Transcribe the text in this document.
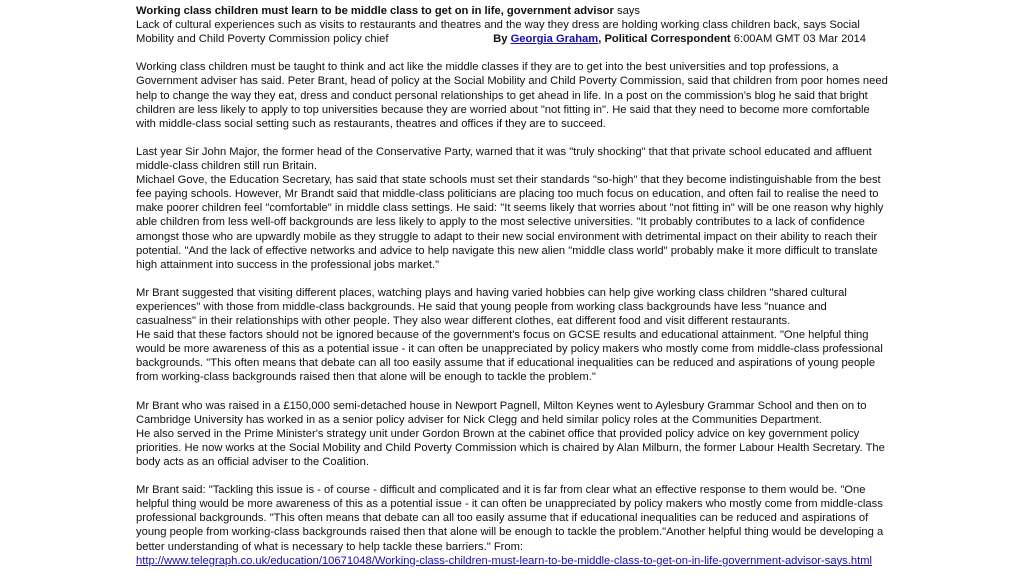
Working class children must learn to be middle class to get on in life, government advisor says

Lack of cultural experiences such as visits to restaurants and theatres and the way they dress are holding working class children back, says Social Mobility and Child Poverty Commission policy chief	By Georgia Graham, Political Correspondent 6:00AM GMT 03 Mar 2014

Working class children must be taught to think and act like the middle classes if they are to get into the best universities and top professions, a Government adviser has said. Peter Brant, head of policy at the Social Mobility and Child Poverty Commission, said that children from poor homes need help to change the way they eat, dress and conduct personal relationships to get ahead in life. In a post on the commission’s blog he said that bright children are less likely to apply to top universities because they are worried about "not fitting in". He said that they need to become more comfortable with middle-class social setting such as restaurants, theatres and offices if they are to succeed.

Last year Sir John Major, the former head of the Conservative Party, warned that it was "truly shocking" that that private school educated and affluent middle-class children still run Britain.

Michael Gove, the Education Secretary, has said that state schools must set their standards "so-high" that they become indistinguishable from the best fee paying schools. However, Mr Brandt said that middle-class politicians are placing too much focus on education, and often fail to realise the need to make poorer children feel "comfortable" in middle class settings. He said: "It seems likely that worries about "not fitting in" will be one reason why highly able children from less well-off backgrounds are less likely to apply to the most selective universities. "It probably contributes to a lack of confidence amongst those who are upwardly mobile as they struggle to adapt to their new social environment with detrimental impact on their ability to reach their potential. "And the lack of effective networks and advice to help navigate this new alien "middle class world" probably make it more difficult to translate high attainment into success in the professional jobs market."

Mr Brant suggested that visiting different places, watching plays and having varied hobbies can help give working class children "shared cultural experiences" with those from middle-class backgrounds. He said that young people from working class backgrounds have less "nuance and casualness" in their relationships with other people. They also wear different clothes, eat different food and visit different restaurants.

He said that these factors should not be ignored because of the government's focus on GCSE results and educational attainment. "One helpful thing would be more awareness of this as a potential issue - it can often be unappreciated by policy makers who mostly come from middle-class professional backgrounds. "This often means that debate can all too easily assume that if educational inequalities can be reduced and aspirations of young people from working-class backgrounds raised then that alone will be enough to tackle the problem."

Mr Brant who was raised in a £150,000 semi-detached house in Newport Pagnell, Milton Keynes went to Aylesbury Grammar School and then on to Cambridge University has worked in as a senior policy adviser for Nick Clegg and held similar policy roles at the Communities Department.

He also served in the Prime Minister's strategy unit under Gordon Brown at the cabinet office that provided policy advice on key government policy priorities. He now works at the Social Mobility and Child Poverty Commission which is chaired by Alan Milburn, the former Labour Health Secretary. The body acts as an official adviser to the Coalition.

Mr Brant said: "Tackling this issue is - of course - difficult and complicated and it is far from clear what an effective response to them would be. "One helpful thing would be more awareness of this as a potential issue - it can often be unappreciated by policy makers who mostly come from middle-class professional backgrounds. "This often means that debate can all too easily assume that if educational inequalities can be reduced and aspirations of young people from working-class backgrounds raised then that alone will be enough to tackle the problem."Another helpful thing would be developing a better understanding of what is necessary to help tackle these barriers." From:

http://www.telegraph.co.uk/education/10671048/Working-class-children-must-learn-to-be-middle-class-to-get-on-in-life-government-advisor-says.html
